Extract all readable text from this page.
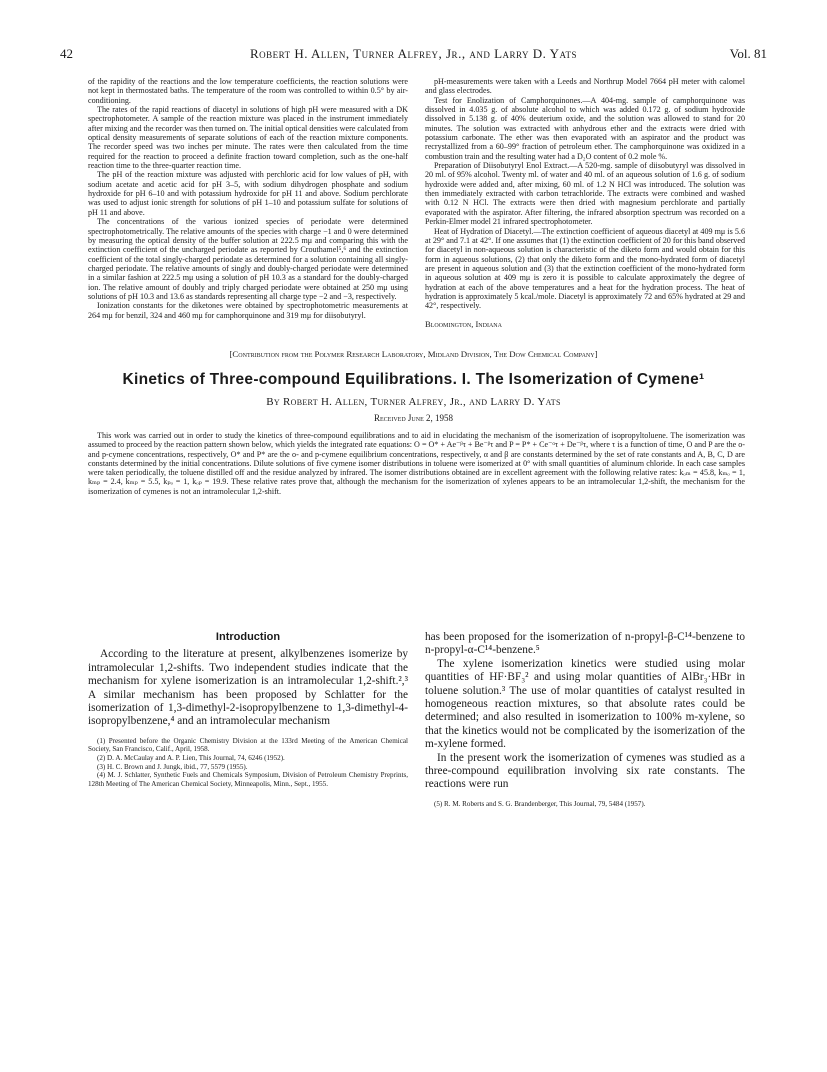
42	Robert H. Allen, Turner Alfrey, Jr., and Larry D. Yats	Vol. 81

of the rapidity of the reactions and the low temperature coefficients, the reaction solutions were not kept in thermostated baths. The temperature of the room was controlled to within 0.5° by air-conditioning.

The rates of the rapid reactions of diacetyl in solutions of high pH were measured with a DK spectrophotometer. A sample of the reaction mixture was placed in the instrument immediately after mixing and the recorder was then turned on. The initial optical densities were calculated from optical density measurements of separate solutions of each of the reaction mixture components. The recorder speed was two inches per minute. The rates were then calculated from the time required for the reaction to proceed a definite fraction toward completion, such as the one-half reaction time to the three-quarter reaction time.

The pH of the reaction mixture was adjusted with perchloric acid for low values of pH, with sodium acetate and acetic acid for pH 3–5, with sodium dihydrogen phosphate and sodium hydroxide for pH 6–10 and with potassium hydroxide for pH 11 and above. Sodium perchlorate was used to adjust ionic strength for solutions of pH 1–10 and potassium sulfate for solutions of pH 11 and above.

The concentrations of the various ionized species of periodate were determined spectrophotometrically. The relative amounts of the species with charge −1 and 0 were determined by measuring the optical density of the buffer solution at 222.5 mμ and comparing this with the extinction coefficient of the uncharged periodate as reported by Crouthamel⁵,⁶ and the extinction coefficient of the total singly-charged periodate as determined for a solution containing all singly-charged periodate. The relative amounts of singly and doubly-charged periodate were determined in a similar fashion at 222.5 mμ using a solution of pH 10.3 as a standard for the doubly-charged ion. The relative amount of doubly and triply charged periodate were obtained at 250 mμ using solutions of pH 10.3 and 13.6 as standards representing all charge type −2 and −3, respectively.

Ionization constants for the diketones were obtained by spectrophotometric measurements at 264 mμ for benzil, 324 and 460 mμ for camphorquinone and 319 mμ for diisobutyryl.

pH-measurements were taken with a Leeds and Northrup Model 7664 pH meter with calomel and glass electrodes.

Test for Enolization of Camphorquinones.—A 404-mg. sample of camphorquinone was dissolved in 4.035 g. of absolute alcohol to which was added 0.172 g. of sodium hydroxide dissolved in 5.138 g. of 40% deuterium oxide, and the solution was allowed to stand for 20 minutes. The solution was extracted with anhydrous ether and the extracts were dried with potassium carbonate. The ether was then evaporated with an aspirator and the product was recrystallized from a 60–99° fraction of petroleum ether. The camphorquinone was oxidized in a combustion train and the resulting water had a D₂O content of 0.2 mole %.

Preparation of Diisobutyryl Enol Extract.—A 520-mg. sample of diisobutyryl was dissolved in 20 ml. of 95% alcohol. Twenty ml. of water and 40 ml. of an aqueous solution of 1.6 g. of sodium hydroxide were added and, after mixing, 60 ml. of 1.2 N HCl was introduced. The solution was then immediately extracted with carbon tetrachloride. The extracts were combined and washed with 0.12 N HCl. The extracts were then dried with magnesium perchlorate and partially evaporated with the aspirator. After filtering, the infrared absorption spectrum was recorded on a Perkin-Elmer model 21 infrared spectrophotometer.

Heat of Hydration of Diacetyl.—The extinction coefficient of aqueous diacetyl at 409 mμ is 5.6 at 29° and 7.1 at 42°. If one assumes that (1) the extinction coefficient of 20 for this band observed for diacetyl in non-aqueous solution is characteristic of the diketo form and would obtain for this form in aqueous solutions, (2) that only the diketo form and the mono-hydrated form of diacetyl are present in aqueous solution and (3) that the extinction coefficient of the mono-hydrated form in aqueous solution at 409 mμ is zero it is possible to calculate approximately the degree of hydration at each of the above temperatures and a heat for the hydration process. The heat of hydration is approximately 5 kcal./mole. Diacetyl is approximately 72 and 65% hydrated at 29 and 42°, respectively.

Bloomington, Indiana

[Contribution from the Polymer Research Laboratory, Midland Division, The Dow Chemical Company]
Kinetics of Three-compound Equilibrations. I. The Isomerization of Cymene¹
By Robert H. Allen, Turner Alfrey, Jr., and Larry D. Yats
Received June 2, 1958
This work was carried out in order to study the kinetics of three-compound equilibrations and to aid in elucidating the mechanism of the isomerization of isopropyltoluene. The isomerization was assumed to proceed by the reaction pattern shown below, which yields the integrated rate equations: O = O* + Ae⁻ᵝτ + Be⁻ᵝτ and P = P* + Ce⁻ᵅτ + De⁻ᵝτ, where τ is a function of time, O and P are the o- and p-cymene concentrations, respectively, O* and P* are the o- and p-cymene equilibrium concentrations, respectively, α and β are constants determined by the set of rate constants and A, B, C, D are constants determined by the initial concentrations. Dilute solutions of five cymene isomer distributions in toluene were isomerized at 0° with small quantities of aluminum chloride. In each case samples were taken periodically, the toluene distilled off and the residue analyzed by infrared. The isomer distributions obtained are in excellent agreement with the following relative rates: kₒₘ = 45.8, kₘₒ = 1, kₘₚ = 2.4, kₘₚ = 5.5, kₚₒ = 1, kₒₚ = 19.9. These relative rates prove that, although the mechanism for the isomerization of xylenes appears to be an intramolecular 1,2-shift, the mechanism for the isomerization of cymenes is not an intramolecular 1,2-shift.

Introduction

According to the literature at present, alkylbenzenes isomerize by intramolecular 1,2-shifts. Two independent studies indicate that the mechanism for xylene isomerization is an intramolecular 1,2-shift.²,³ A similar mechanism has been proposed by Schlatter for the isomerization of 1,3-dimethyl-2-isopropylbenzene to 1,3-dimethyl-4-isopropylbenzene,⁴ and an intramolecular mechanism

(1) Presented before the Organic Chemistry Division at the 133rd Meeting of the American Chemical Society, San Francisco, Calif., April, 1958.
(2) D. A. McCaulay and A. P. Lien, This Journal, 74, 6246 (1952).
(3) H. C. Brown and J. Jungk, ibid., 77, 5579 (1955).
(4) M. J. Schlatter, Synthetic Fuels and Chemicals Symposium, Division of Petroleum Chemistry Preprints, 128th Meeting of The American Chemical Society, Minneapolis, Minn., Sept., 1955.

has been proposed for the isomerization of n-propyl-β-C¹⁴-benzene to n-propyl-α-C¹⁴-benzene.⁵

The xylene isomerization kinetics were studied using molar quantities of HF·BF₃² and using molar quantities of AlBr₃·HBr in toluene solution.³ The use of molar quantities of catalyst resulted in homogeneous reaction mixtures, so that absolute rates could be determined; and also resulted in isomerization to 100% m-xylene, so that the kinetics would not be complicated by the isomerization of the m-xylene formed.

In the present work the isomerization of cymenes was studied as a three-compound equilibration involving six rate constants. The reactions were run

(5) R. M. Roberts and S. G. Brandenberger, This Journal, 79, 5484 (1957).
